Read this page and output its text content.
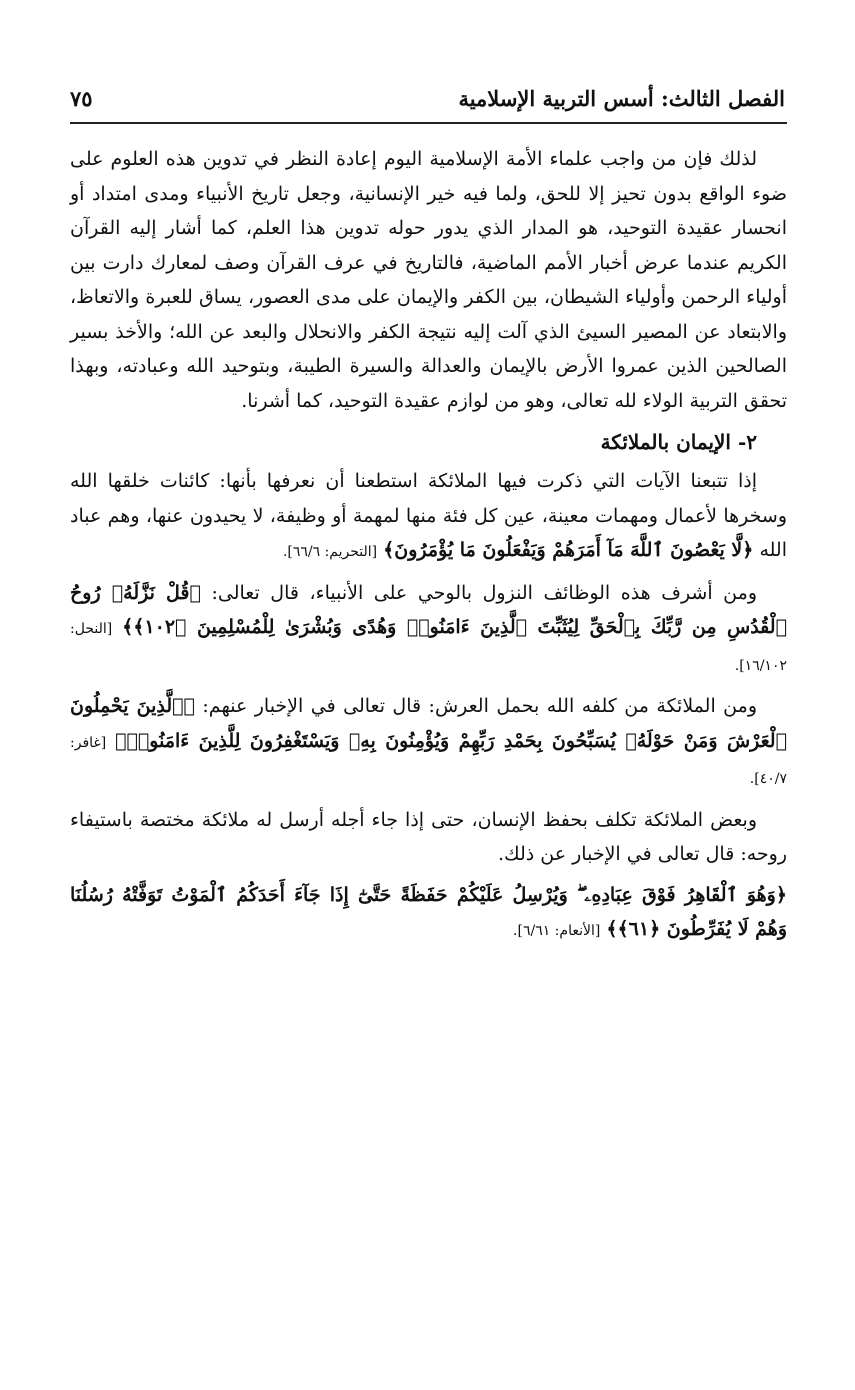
الفصل الثالث: أسس التربية الإسلامية
٧٥

لذلك فإن من واجب علماء الأمة الإسلامية اليوم إعادة النظر في تدوين هذه العلوم على ضوء الواقع بدون تحيز إلا للحق، ولما فيه خير الإنسانية، وجعل تاريخ الأنبياء ومدى امتداد أو انحسار عقيدة التوحيد، هو المدار الذي يدور حوله تدوين هذا العلم، كما أشار إليه القرآن الكريم عندما عرض أخبار الأمم الماضية، فالتاريخ في عرف القرآن وصف لمعارك دارت بين أولياء الرحمن وأولياء الشيطان، بين الكفر والإيمان على مدى العصور، يساق للعبرة والاتعاظ، والابتعاد عن المصير السيئ الذي آلت إليه نتيجة الكفر والانحلال والبعد عن الله؛ والأخذ بسير الصالحين الذين عمروا الأرض بالإيمان والعدالة والسيرة الطيبة، وبتوحيد الله وعبادته، وبهذا تحقق التربية الولاء لله تعالى، وهو من لوازم عقيدة التوحيد، كما أشرنا.

٢- الإيمان بالملائكة

إذا تتبعنا الآيات التي ذكرت فيها الملائكة استطعنا أن نعرفها بأنها: كائنات خلقها الله وسخرها لأعمال ومهمات معينة، عين كل فئة منها لمهمة أو وظيفة، لا يحيدون عنها، وهم عباد الله ﴿لَّا يَعْصُونَ ٱللَّهَ مَآ أَمَرَهُمْ وَيَفْعَلُونَ مَا يُؤْمَرُونَ﴾ [التحريم: ٦٦/٦].

ومن أشرف هذه الوظائف النزول بالوحي على الأنبياء، قال تعالى: ﴿قُلْ نَزَّلَهُۥ رُوحُ ٱلْقُدُسِ مِن رَّبِّكَ بِٱلْحَقِّ لِيُثَبِّتَ ٱلَّذِينَ ءَامَنُوا۟ وَهُدًى وَبُشْرَىٰ لِلْمُسْلِمِينَ ﴿١٠٢﴾﴾ [النحل: ١٦/١٠٢].

ومن الملائكة من كلفه الله بحمل العرش: قال تعالى في الإخبار عنهم: ﴿ٱلَّذِينَ يَحْمِلُونَ ٱلْعَرْشَ وَمَنْ حَوْلَهُۥ يُسَبِّحُونَ بِحَمْدِ رَبِّهِمْ وَيُؤْمِنُونَ بِهِۦ وَيَسْتَغْفِرُونَ لِلَّذِينَ ءَامَنُوا۟﴾ [غافر: ٤٠/٧].

وبعض الملائكة تكلف بحفظ الإنسان، حتى إذا جاء أجله أرسل له ملائكة مختصة باستيفاء روحه: قال تعالى في الإخبار عن ذلك.

﴿وَهُوَ ٱلْقَاهِرُ فَوْقَ عِبَادِهِۦ ۖ وَيُرْسِلُ عَلَيْكُمْ حَفَظَةً حَتَّىٰٓ إِذَا جَآءَ أَحَدَكُمُ ٱلْمَوْتُ تَوَفَّتْهُ رُسُلُنَا وَهُمْ لَا يُفَرِّطُونَ ﴿٦١﴾﴾ [الأنعام: ٦/٦١].
